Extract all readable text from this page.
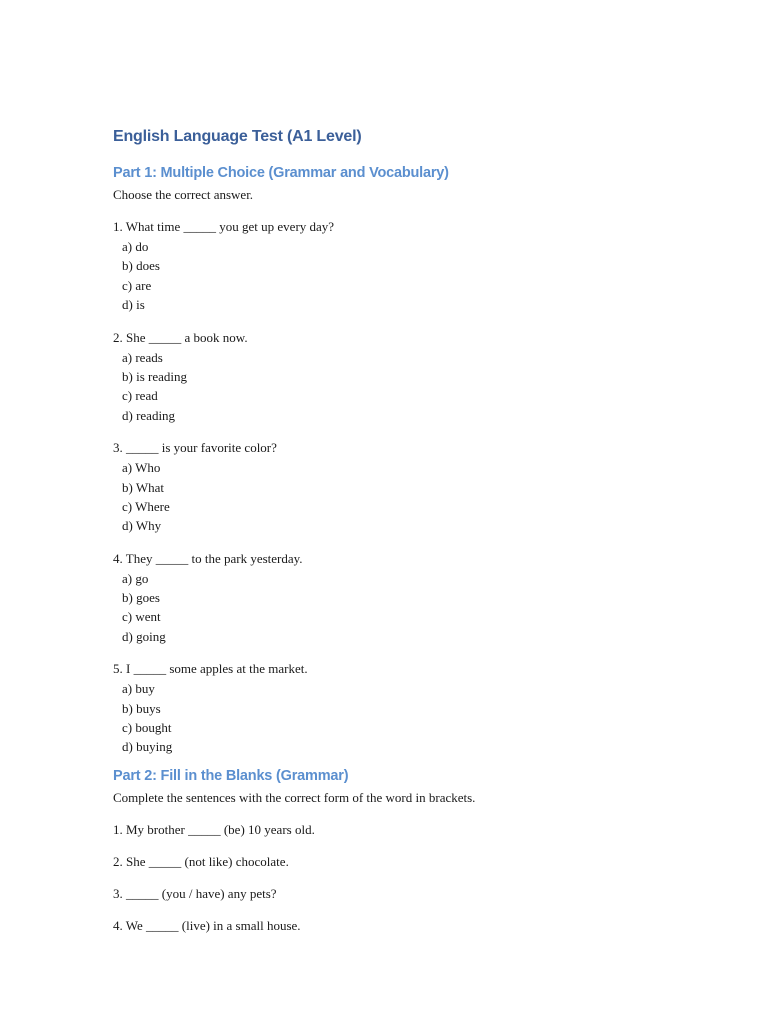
English Language Test (A1 Level)
Part 1: Multiple Choice (Grammar and Vocabulary)

Choose the correct answer.

1. What time _____ you get up every day?
a) do
b) does
c) are
d) is
2. She _____ a book now.
a) reads
b) is reading
c) read
d) reading
3. _____ is your favorite color?
a) Who
b) What
c) Where
d) Why
4. They _____ to the park yesterday.
a) go
b) goes
c) went
d) going
5. I _____ some apples at the market.
a) buy
b) buys
c) bought
d) buying
Part 2: Fill in the Blanks (Grammar)

Complete the sentences with the correct form of the word in brackets.

1. My brother _____ (be) 10 years old.
2. She _____ (not like) chocolate.
3. _____ (you / have) any pets?
4. We _____ (live) in a small house.
